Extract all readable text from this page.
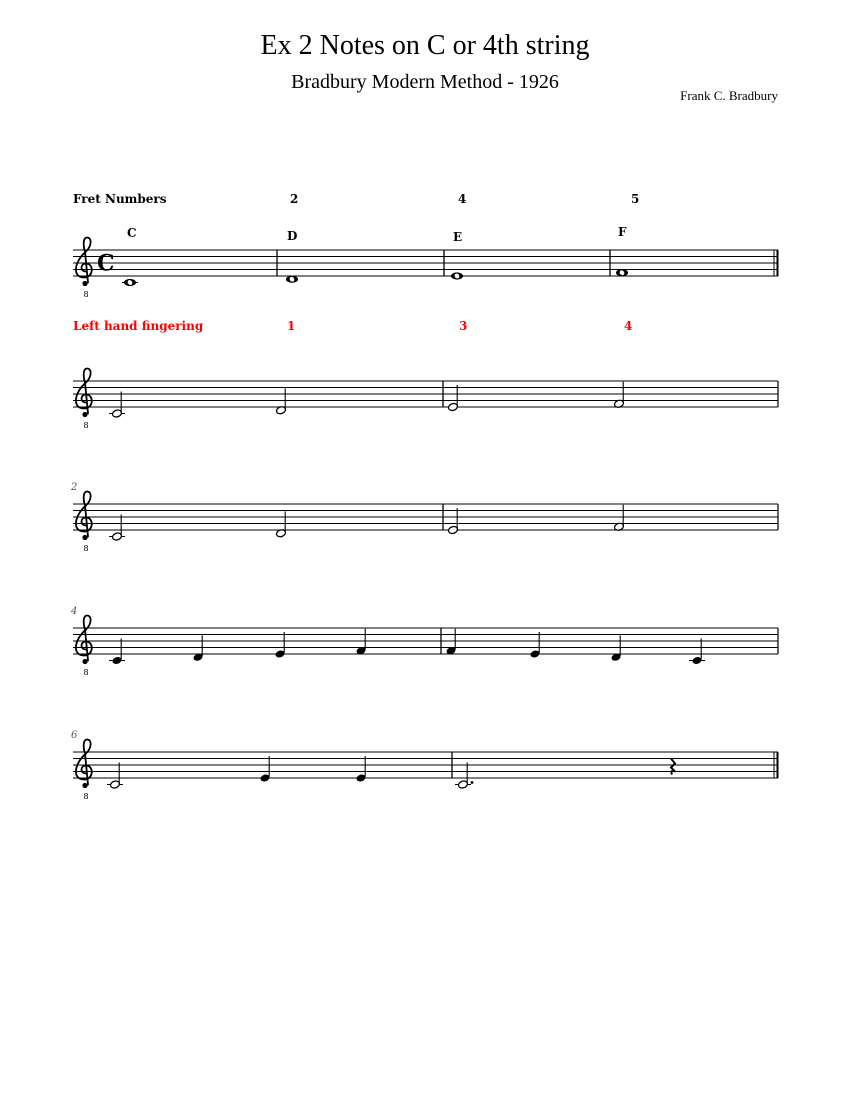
Ex 2 Notes on C or 4th string
Bradbury Modern Method - 1926
Frank C. Bradbury
Fret Numbers	2	4	5
C	D	E	F
Left hand fingering	1	3	4
2
4
6
8
C
8
8
8
8
